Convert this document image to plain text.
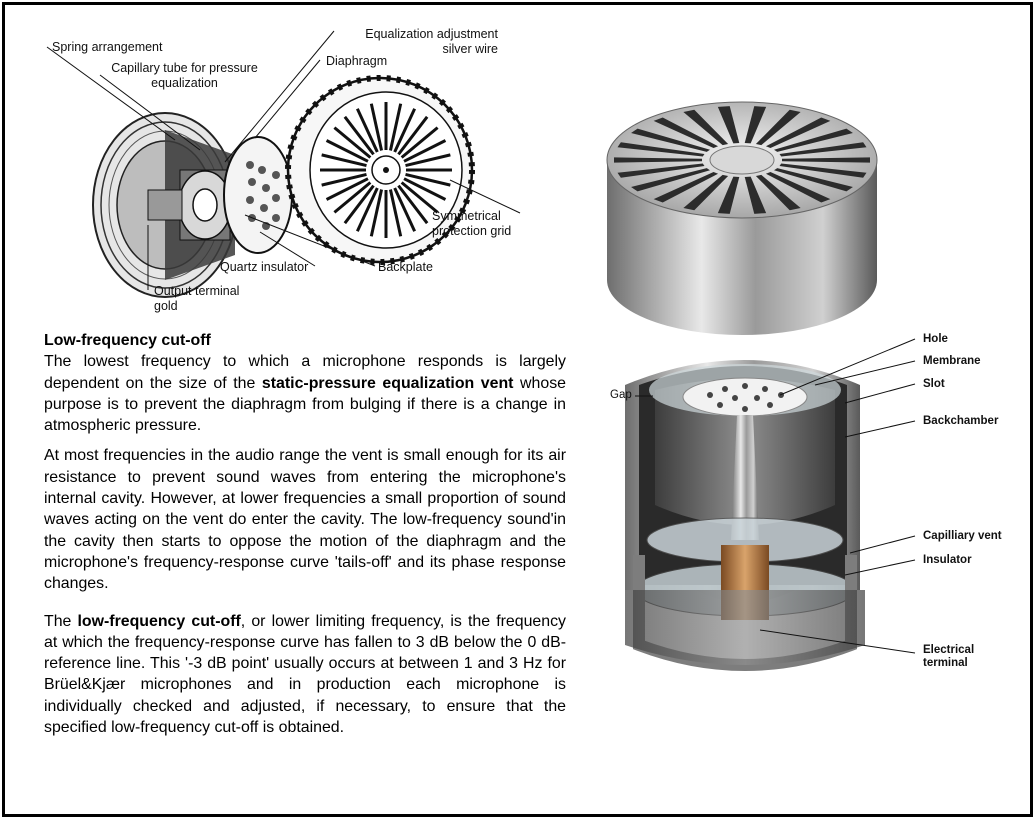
Spring arrangement
Capillary tube for pressure equalization
Equalization adjustment silver wire
Diaphragm
Symmetrical protection grid
Quartz insulator	Backplate
Output terminal gold
Low-frequency cut-off

The lowest frequency to which a microphone responds is largely dependent on the size of the static-pressure equalization vent whose purpose is to prevent the diaphragm from bulging if there is a change in atmospheric pressure.

At most frequencies in the audio range the vent is small enough for its air resistance to prevent sound waves from entering the microphone's internal cavity. However, at lower frequencies a small proportion of sound waves acting on the vent do enter the cavity. The low-frequency sound'in the cavity then starts to oppose the motion of the diaphragm and the microphone's frequency-response curve 'tails-off' and its phase response changes.

The low-frequency cut-off, or lower limiting frequency, is the frequency at which the frequency-response curve has fallen to 3 dB below the 0 dB-reference line. This '-3 dB point' usually occurs at between 1 and 3 Hz for Brüel&Kjær microphones and in production each microphone is individually checked and adjusted, if necessary, to ensure that the specified low-frequency cut-off is obtained.

Hole
Membrane
Slot
Gap
Backchamber
Capilliary vent
Insulator
Electrical terminal
